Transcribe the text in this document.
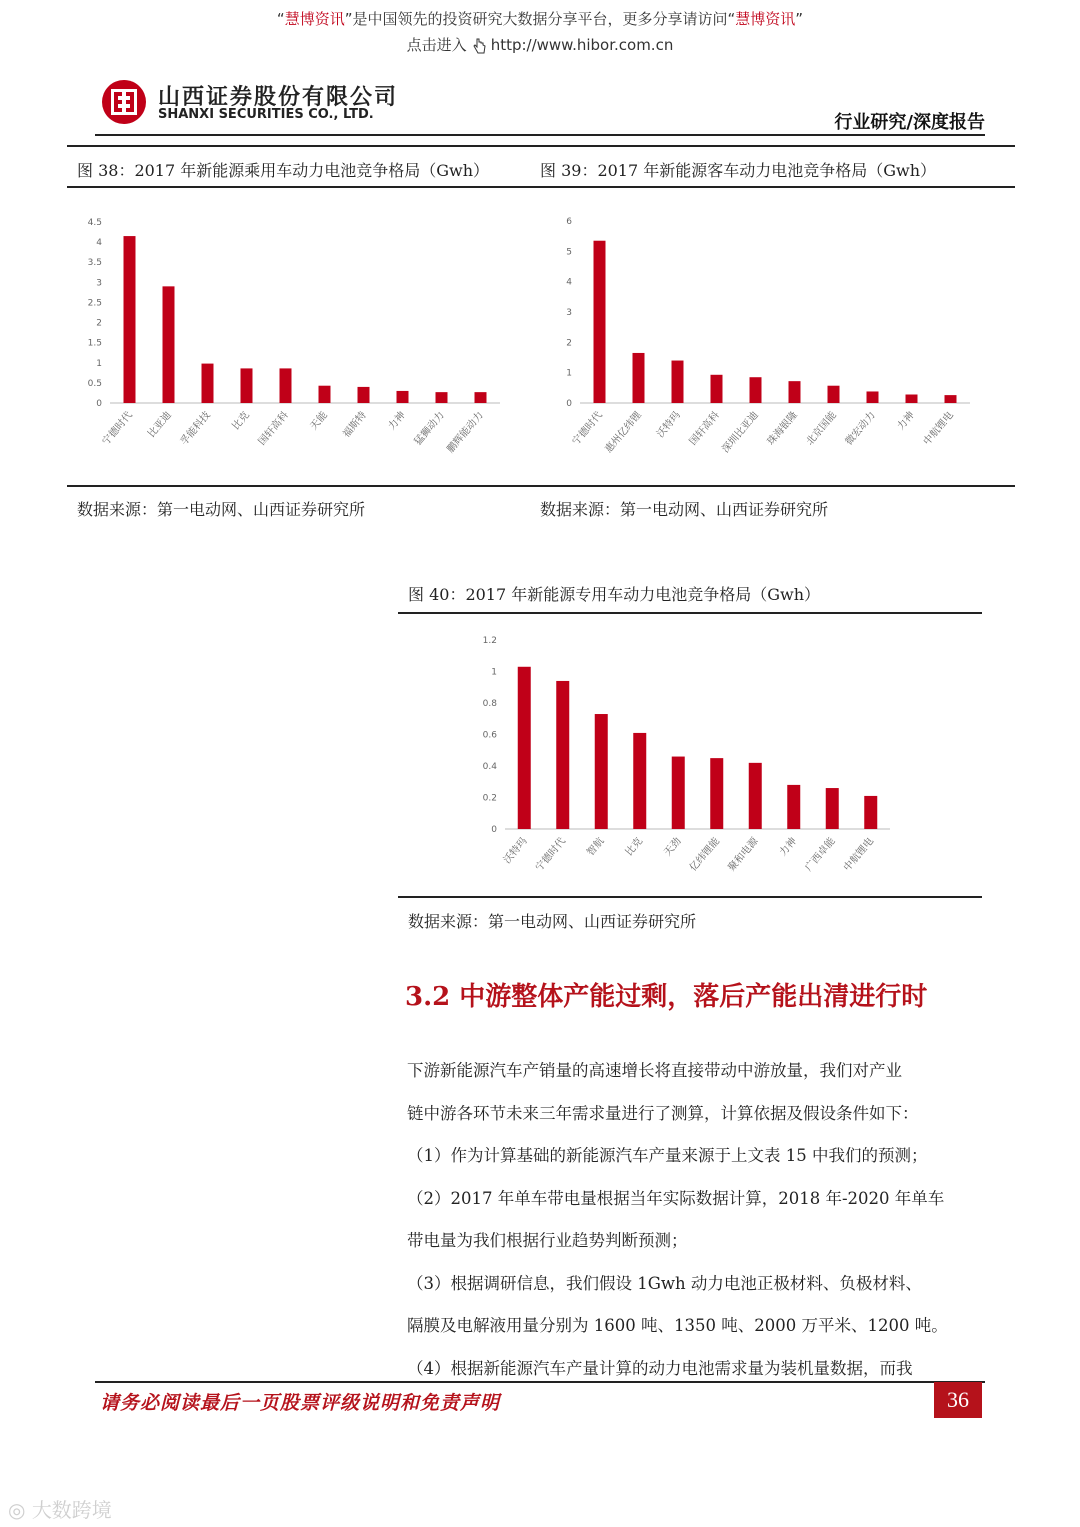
“慧博资讯”是中国领先的投资研究大数据分享平台，更多分享请访问“慧博资讯”
点击进入 http://www.hibor.com.cn
山西证券股份有限公司
SHANXI SECURITIES CO., LTD.	行业研究/深度报告
图 38：2017 年新能源乘用车动力电池竞争格局（Gwh）	图 39：2017 年新能源客车动力电池竞争格局（Gwh）
0
0.5
1
1.5
2
2.5
3
3.5
4
4.5
宁德时代 比亚迪 孚能科技 比克 国轩高科 天能 福斯特 力神 猛狮动力
鹏辉能动力
0
1
2
3
4
5
6
宁德时代
惠州亿纬锂 沃特玛 国轩高科
深圳比亚迪 珠海银隆 北京国能 微宏动力 力神 中航锂电
数据来源：第一电动网、山西证券研究所	数据来源：第一电动网、山西证券研究所
图 40：2017 年新能源专用车动力电池竞争格局（Gwh）
0
0.2
0.4
0.6
0.8
1
1.2
沃特玛 宁德时代 智航 比克 天劲 亿纬锂能 聚和电源 力神 广西卓能 中航锂电
数据来源：第一电动网、山西证券研究所
3.2 中游整体产能过剩，落后产能出清进行时

下游新能源汽车产销量的高速增长将直接带动中游放量，我们对产业

链中游各环节未来三年需求量进行了测算，计算依据及假设条件如下：

（1）作为计算基础的新能源汽车产量来源于上文表 15 中我们的预测；

（2）2017 年单车带电量根据当年实际数据计算，2018 年-2020 年单车

带电量为我们根据行业趋势判断预测；

（3）根据调研信息，我们假设 1Gwh 动力电池正极材料、负极材料、

隔膜及电解液用量分别为 1600 吨、1350 吨、2000 万平米、1200 吨。

（4）根据新能源汽车产量计算的动力电池需求量为装机量数据，而我

请务必阅读最后一页股票评级说明和免责声明	36
◎ 大数跨境
